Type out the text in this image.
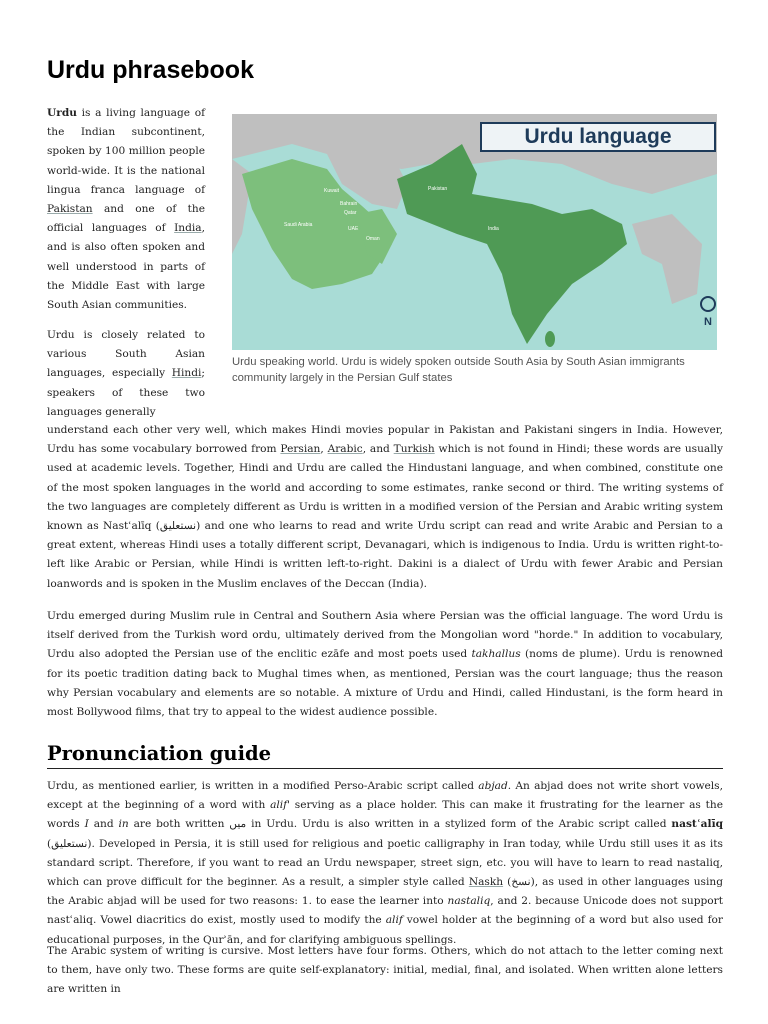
Urdu phrasebook

Urdu is a living language of the Indian subcontinent, spoken by 100 million people world-wide. It is the national lingua franca language of Pakistan and one of the official languages of India, and is also often spoken and well understood in parts of the Middle East with large South Asian communities.

Urdu is closely related to various South Asian languages, especially Hindi; speakers of these two languages generally

Urdu language
Pakistan
India
Kuwait
Bahrain
Qatar
UAE
Oman
Saudi Arabia
N
Urdu speaking world. Urdu is widely spoken outside South Asia by South Asian immigrants community largely in the Persian Gulf states

understand each other very well, which makes Hindi movies popular in Pakistan and Pakistani singers in India. However, Urdu has some vocabulary borrowed from Persian, Arabic, and Turkish which is not found in Hindi; these words are usually used at academic levels. Together, Hindi and Urdu are called the Hindustani language, and when combined, constitute one of the most spoken languages in the world and according to some estimates, ranke second or third. The writing systems of the two languages are completely different as Urdu is written in a modified version of the Persian and Arabic writing system known as Nastʿalīq (نستعلیق) and one who learns to read and write Urdu script can read and write Arabic and Persian to a great extent, whereas Hindi uses a totally different script, Devanagari, which is indigenous to India. Urdu is written right-to-left like Arabic or Persian, while Hindi is written left-to-right. Dakini is a dialect of Urdu with fewer Arabic and Persian loanwords and is spoken in the Muslim enclaves of the Deccan (India).

Urdu emerged during Muslim rule in Central and Southern Asia where Persian was the official language. The word Urdu is itself derived from the Turkish word ordu, ultimately derived from the Mongolian word "horde." In addition to vocabulary, Urdu also adopted the Persian use of the enclitic ezāfe and most poets used takhallus (noms de plume). Urdu is renowned for its poetic tradition dating back to Mughal times when, as mentioned, Persian was the court language; thus the reason why Persian vocabulary and elements are so notable. A mixture of Urdu and Hindi, called Hindustani, is the form heard in most Bollywood films, that try to appeal to the widest audience possible.

Pronunciation guide

Urdu, as mentioned earlier, is written in a modified Perso-Arabic script called abjad. An abjad does not write short vowels, except at the beginning of a word with alif' serving as a place holder. This can make it frustrating for the learner as the words I and in are both written میں in Urdu. Urdu is also written in a stylized form of the Arabic script called nastʿalīq (نستعلیق). Developed in Persia, it is still used for religious and poetic calligraphy in Iran today, while Urdu still uses it as its standard script. Therefore, if you want to read an Urdu newspaper, street sign, etc. you will have to learn to read nastaliq, which can prove difficult for the beginner. As a result, a simpler style called Naskh (نسخ), as used in other languages using the Arabic abjad will be used for two reasons: 1. to ease the learner into nastaliq, and 2. because Unicode does not support nastʿaliq. Vowel diacritics do exist, mostly used to modify the alif vowel holder at the beginning of a word but also used for educational purposes, in the Qurʾān, and for clarifying ambiguous spellings.

The Arabic system of writing is cursive. Most letters have four forms. Others, which do not attach to the letter coming next to them, have only two. These forms are quite self-explanatory: initial, medial, final, and isolated. When written alone letters are written in
